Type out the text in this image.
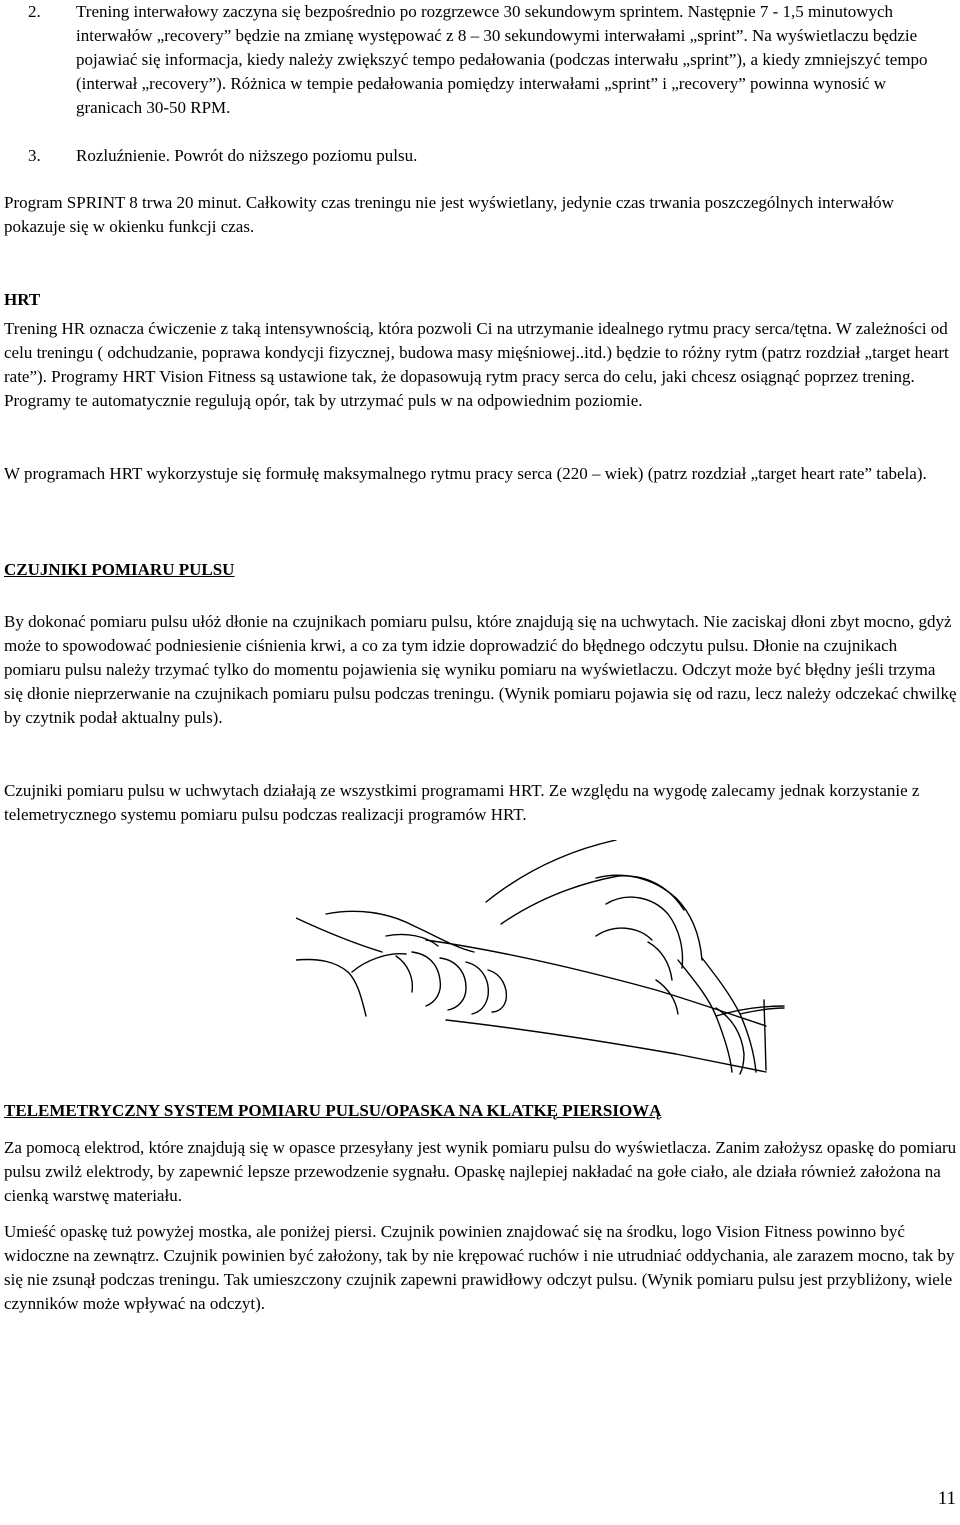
2. Trening interwałowy zaczyna się bezpośrednio po rozgrzewce 30 sekundowym sprintem. Następnie 7 - 1,5 minutowych interwałów „recovery” będzie na zmianę występować z 8 – 30 sekundowymi interwałami „sprint”. Na wyświetlaczu będzie pojawiać się informacja, kiedy należy zwiększyć tempo pedałowania (podczas interwału „sprint”), a kiedy zmniejszyć tempo (interwał „recovery”). Różnica w tempie pedałowania pomiędzy interwałami „sprint” i „recovery” powinna wynosić w granicach 30-50 RPM.
3. Rozluźnienie. Powrót do niższego poziomu pulsu.

Program SPRINT 8 trwa 20 minut. Całkowity czas treningu nie jest wyświetlany, jedynie czas trwania poszczególnych interwałów pokazuje się w okienku funkcji czas.

HRT

Trening HR oznacza ćwiczenie z taką intensywnością, która pozwoli Ci na utrzymanie idealnego rytmu pracy serca/tętna. W zależności od celu treningu ( odchudzanie, poprawa kondycji fizycznej, budowa masy mięśniowej..itd.) będzie to różny rytm (patrz rozdział „target heart rate”). Programy HRT Vision Fitness są ustawione tak, że dopasowują rytm pracy serca do celu, jaki chcesz osiągnąć poprzez trening. Programy te automatycznie regulują opór, tak by utrzymać puls w na odpowiednim poziomie.

W programach HRT wykorzystuje się formułę maksymalnego rytmu pracy serca (220 – wiek) (patrz rozdział „target heart rate” tabela).

CZUJNIKI POMIARU PULSU

By dokonać pomiaru pulsu ułóż dłonie na czujnikach pomiaru pulsu, które znajdują się na uchwytach. Nie zaciskaj dłoni zbyt mocno, gdyż może to spowodować podniesienie ciśnienia krwi, a co za tym idzie doprowadzić do błędnego odczytu pulsu. Dłonie na czujnikach pomiaru pulsu należy trzymać tylko do momentu pojawienia się wyniku pomiaru na wyświetlaczu. Odczyt może być błędny jeśli trzyma się dłonie nieprzerwanie na czujnikach pomiaru pulsu podczas treningu. (Wynik pomiaru pojawia się od razu, lecz należy odczekać chwilkę by czytnik podał aktualny puls).

Czujniki pomiaru pulsu w uchwytach działają ze wszystkimi programami HRT. Ze względu na wygodę zalecamy jednak korzystanie z telemetrycznego systemu pomiaru pulsu podczas realizacji programów HRT.

TELEMETRYCZNY SYSTEM POMIARU PULSU/OPASKA NA KLATKĘ PIERSIOWĄ

Za pomocą elektrod, które znajdują się w opasce przesyłany jest wynik pomiaru pulsu do wyświetlacza. Zanim założysz opaskę do pomiaru pulsu zwilż elektrody, by zapewnić lepsze przewodzenie sygnału. Opaskę najlepiej nakładać na gołe ciało, ale działa również założona na cienką warstwę materiału.

Umieść opaskę tuż powyżej mostka, ale poniżej piersi. Czujnik powinien znajdować się na środku, logo Vision Fitness powinno być widoczne na zewnątrz. Czujnik powinien być założony, tak by nie krępować ruchów i nie utrudniać oddychania, ale zarazem mocno, tak by się nie zsunął podczas treningu. Tak umieszczony czujnik zapewni prawidłowy odczyt pulsu. (Wynik pomiaru pulsu jest przybliżony, wiele czynników może wpływać na odczyt).

11
